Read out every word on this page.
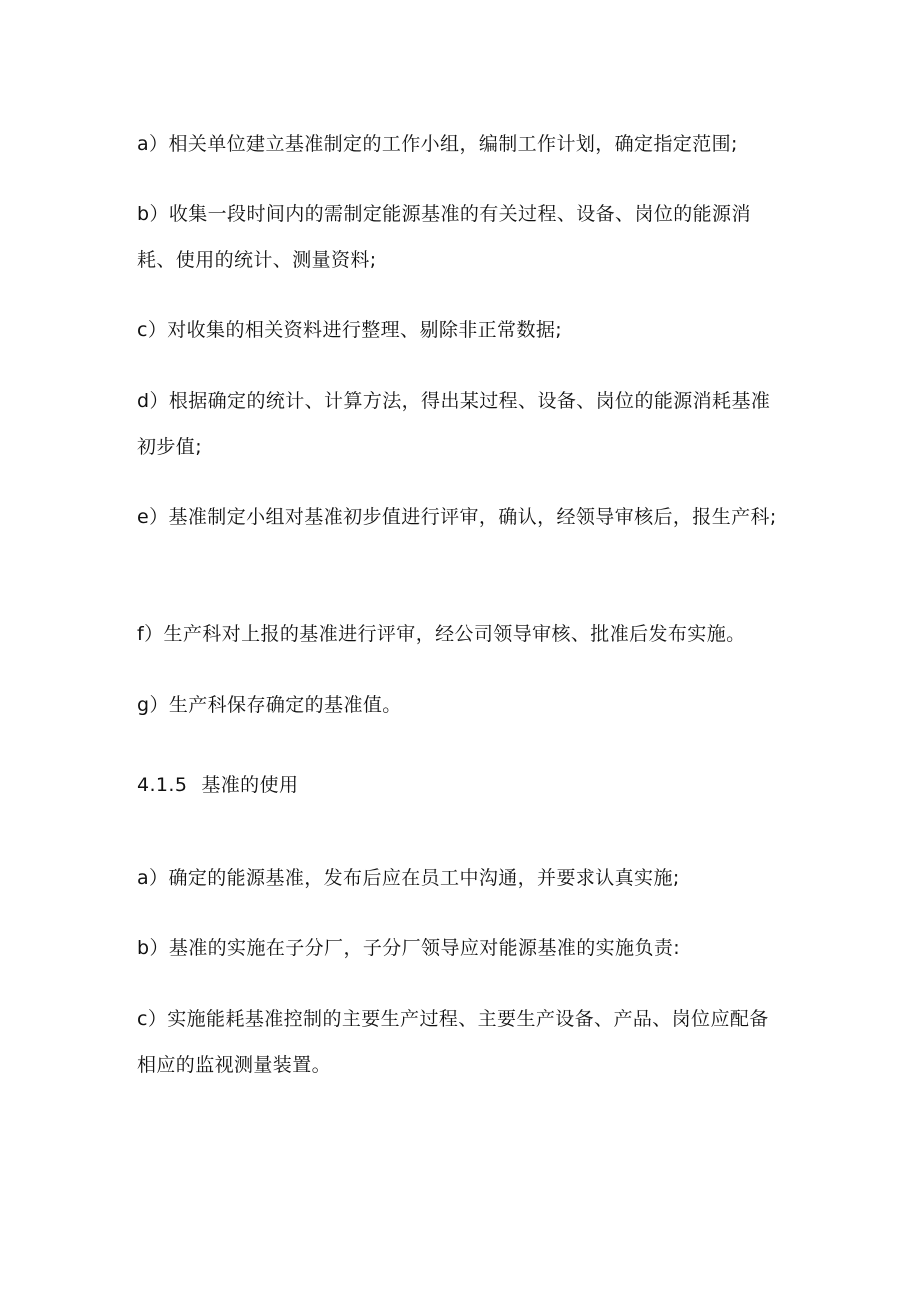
a）相关单位建立基准制定的工作小组，编制工作计划，确定指定范围;

b）收集一段时间内的需制定能源基准的有关过程、设备、岗位的能源消耗、使用的统计、测量资料;

c）对收集的相关资料进行整理、剔除非正常数据;

d）根据确定的统计、计算方法，得出某过程、设备、岗位的能源消耗基准初步值;

e）基准制定小组对基准初步值进行评审，确认，经领导审核后，报生产科;

f）生产科对上报的基准进行评审，经公司领导审核、批准后发布实施。

g）生产科保存确定的基准值。

4.1.5 基准的使用

a）确定的能源基准，发布后应在员工中沟通，并要求认真实施;

b）基准的实施在子分厂，子分厂领导应对能源基准的实施负责:

c）实施能耗基准控制的主要生产过程、主要生产设备、产品、岗位应配备相应的监视测量装置。
